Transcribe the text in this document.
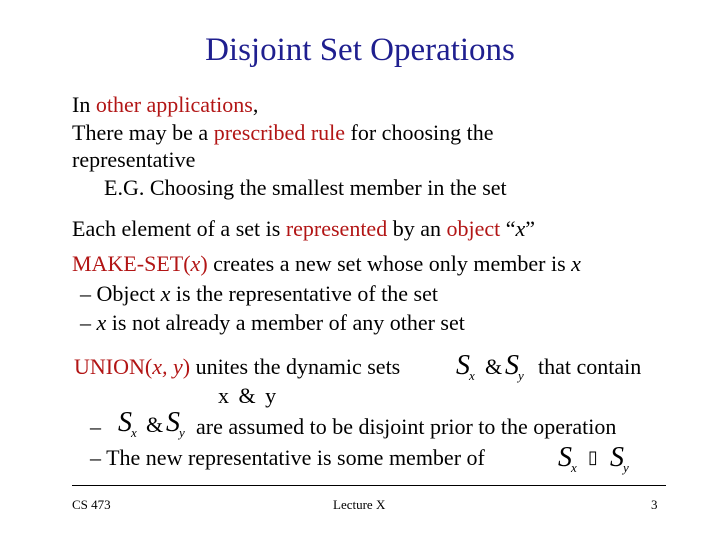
Disjoint Set Operations
In other applications,
There may be a prescribed rule for choosing the
representative
E.G. Choosing the smallest member in the set
Each element of a set is represented by an object “x”
MAKE-SET(x) creates a new set whose only member is x
– Object x is the representative of the set
– x is not already a member of any other set
UNION(x, y) unites the dynamic sets $S_x$ & $S_y$ that contain
x & y
– $S_x$ & $S_y$ are assumed to be disjoint prior to the operation
– The new representative is some member of	$S_x$
▯ $S_y$
CS 473	Lecture X	3
